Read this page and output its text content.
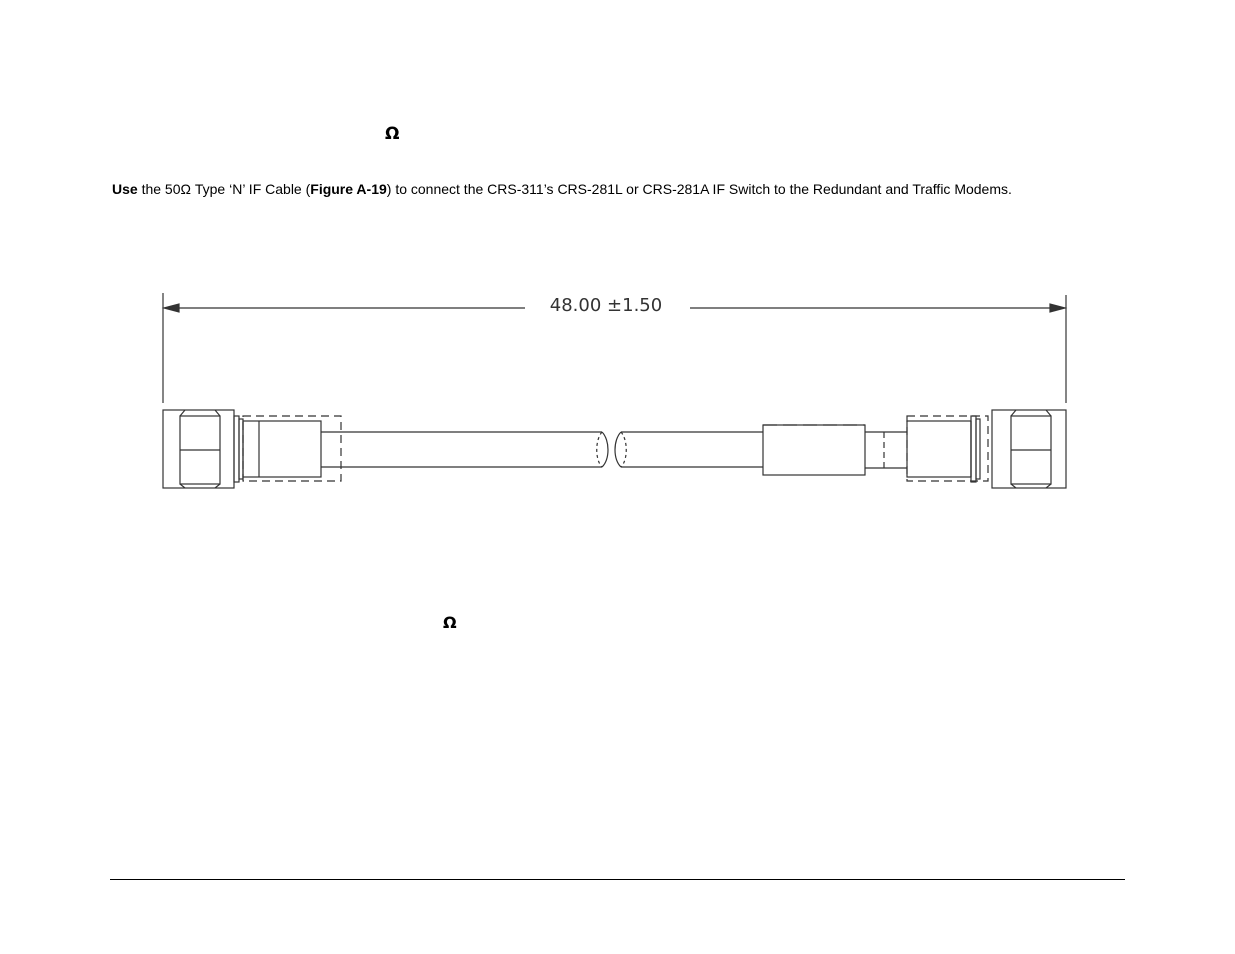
Ω

Use the 50Ω Type ‘N’ IF Cable (Figure A-19) to connect the CRS-311’s CRS-281L or CRS-281A IF Switch to the Redundant and Traffic Modems.

48.00 ±1.50
Ω
